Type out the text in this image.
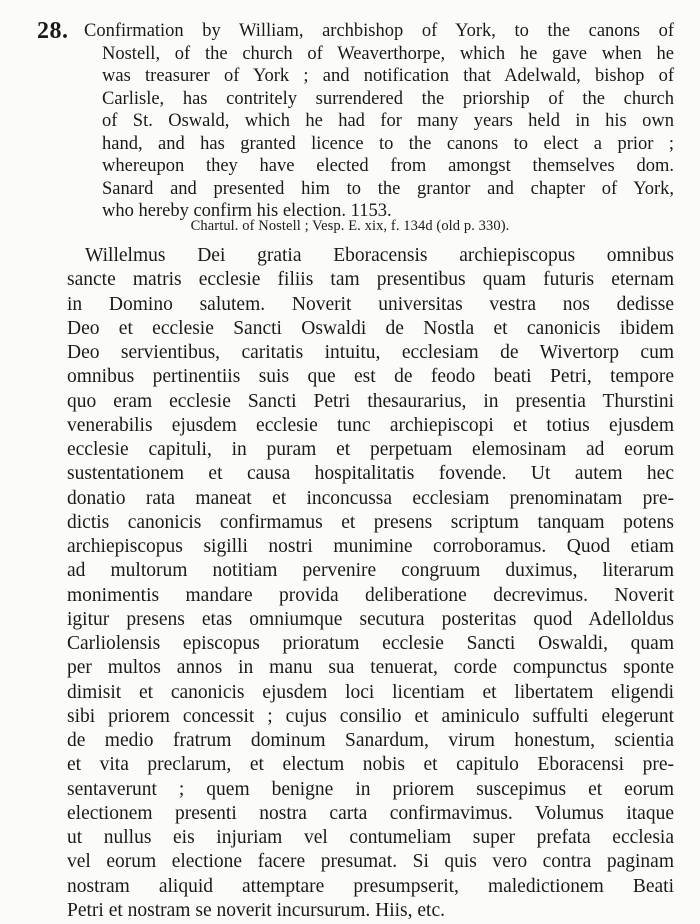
28. Confirmation by William, archbishop of York, to the canons of
Nostell, of the church of Weaverthorpe, which he gave when he
was treasurer of York ; and notification that Adelwald, bishop of
Carlisle, has contritely surrendered the priorship of the church
of St. Oswald, which he had for many years held in his own
hand, and has granted licence to the canons to elect a prior ;
whereupon they have elected from amongst themselves dom.
Sanard and presented him to the grantor and chapter of York,
who hereby confirm his election. 1153.
Chartul. of Nostell ; Vesp. E. xix, f. 134d (old p. 330).
Willelmus Dei gratia Eboracensis archiepiscopus omnibus
sancte matris ecclesie filiis tam presentibus quam futuris eternam
in Domino salutem. Noverit universitas vestra nos dedisse
Deo et ecclesie Sancti Oswaldi de Nostla et canonicis ibidem
Deo servientibus, caritatis intuitu, ecclesiam de Wivertorp cum
omnibus pertinentiis suis que est de feodo beati Petri, tempore
quo eram ecclesie Sancti Petri thesaurarius, in presentia Thurstini
venerabilis ejusdem ecclesie tunc archiepiscopi et totius ejusdem
ecclesie capituli, in puram et perpetuam elemosinam ad eorum
sustentationem et causa hospitalitatis fovende. Ut autem hec
donatio rata maneat et inconcussa ecclesiam prenominatam pre-
dictis canonicis confirmamus et presens scriptum tanquam potens
archiepiscopus sigilli nostri munimine corroboramus. Quod etiam
ad multorum notitiam pervenire congruum duximus, literarum
monimentis mandare provida deliberatione decrevimus. Noverit
igitur presens etas omniumque secutura posteritas quod Adelloldus
Carliolensis episcopus prioratum ecclesie Sancti Oswaldi, quam
per multos annos in manu sua tenuerat, corde compunctus sponte
dimisit et canonicis ejusdem loci licentiam et libertatem eligendi
sibi priorem concessit ; cujus consilio et aminiculo suffulti elegerunt
de medio fratrum dominum Sanardum, virum honestum, scientia
et vita preclarum, et electum nobis et capitulo Eboracensi pre-
sentaverunt ; quem benigne in priorem suscepimus et eorum
electionem presenti nostra carta confirmavimus. Volumus itaque
ut nullus eis injuriam vel contumeliam super prefata ecclesia
vel eorum electione facere presumat. Si quis vero contra paginam
nostram aliquid attemptare presumpserit, maledictionem Beati
Petri et nostram se noverit incursurum. Hiis, etc.
